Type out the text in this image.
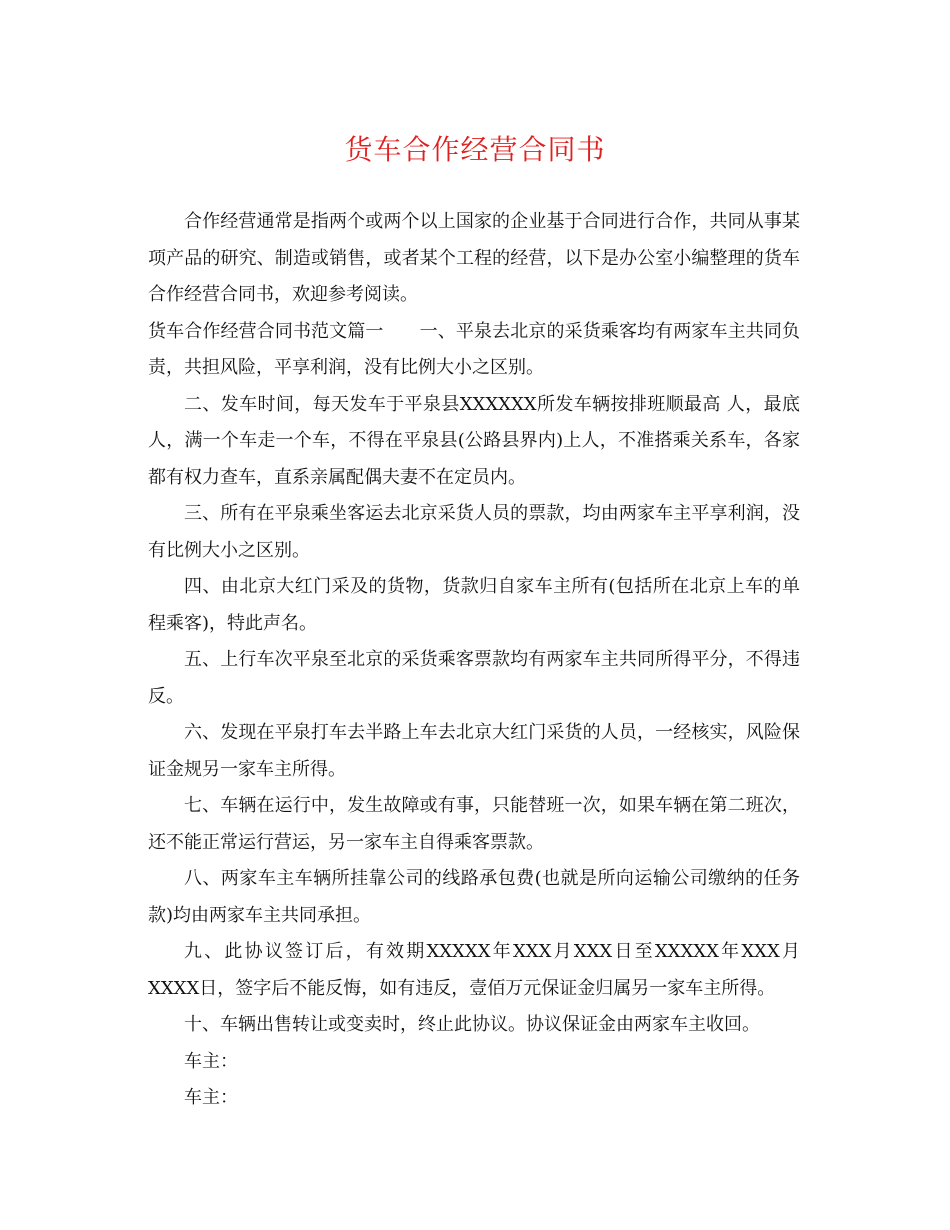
货车合作经营合同书

合作经营通常是指两个或两个以上国家的企业基于合同进行合作，共同从事某项产品的研究、制造或销售，或者某个工程的经营，以下是办公室小编整理的货车合作经营合同书，欢迎参考阅读。

货车合作经营合同书范文篇一 一、平泉去北京的采货乘客均有两家车主共同负责，共担风险，平享利润，没有比例大小之区别。

二、发车时间，每天发车于平泉县XXXXXX所发车辆按排班顺最高 人，最底 人，满一个车走一个车，不得在平泉县(公路县界内)上人，不准搭乘关系车，各家都有权力查车，直系亲属配偶夫妻不在定员内。

三、所有在平泉乘坐客运去北京采货人员的票款，均由两家车主平享利润，没有比例大小之区别。

四、由北京大红门采及的货物，货款归自家车主所有(包括所在北京上车的单程乘客)，特此声名。

五、上行车次平泉至北京的采货乘客票款均有两家车主共同所得平分，不得违反。

六、发现在平泉打车去半路上车去北京大红门采货的人员，一经核实，风险保证金规另一家车主所得。

七、车辆在运行中，发生故障或有事，只能替班一次，如果车辆在第二班次，还不能正常运行营运，另一家车主自得乘客票款。

八、两家车主车辆所挂靠公司的线路承包费(也就是所向运输公司缴纳的任务款)均由两家车主共同承担。

九、此协议签订后，有效期XXXXX年XXX月XXX日至XXXXX年XXX月XXXX日，签字后不能反悔，如有违反，壹佰万元保证金归属另一家车主所得。

十、车辆出售转让或变卖时，终止此协议。协议保证金由两家车主收回。

车主：

车主：
